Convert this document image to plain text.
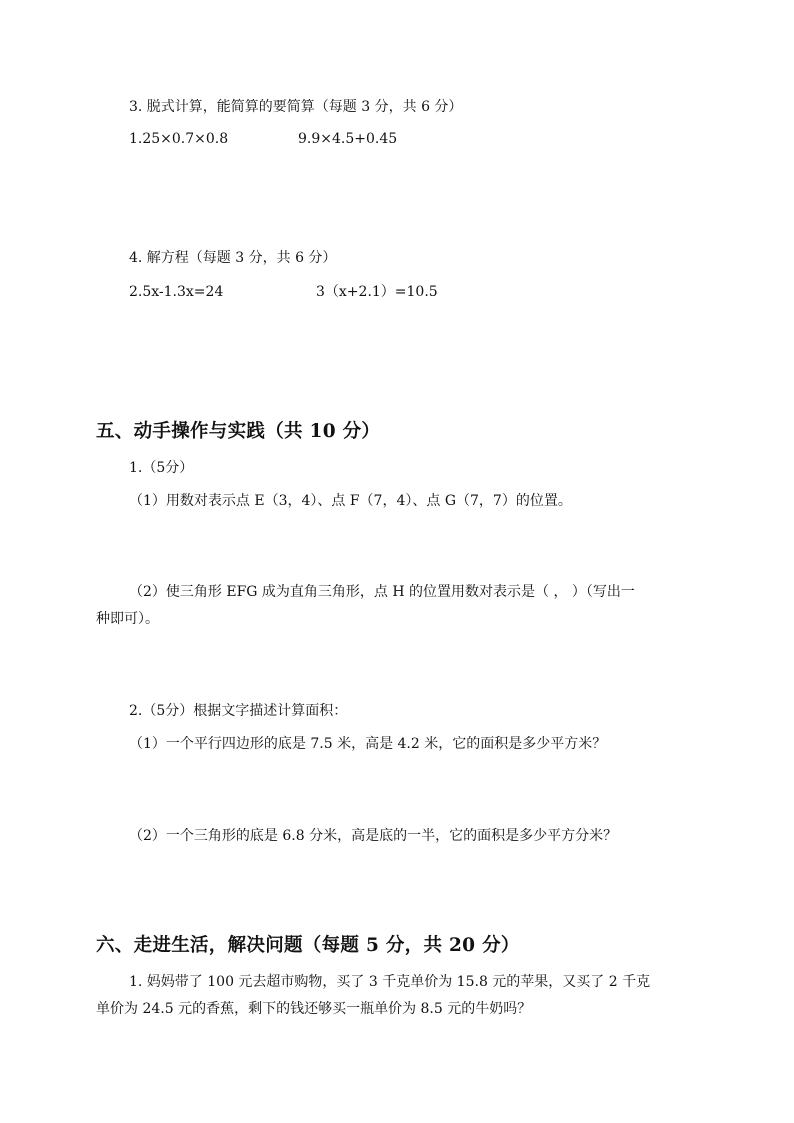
3. 脱式计算，能简算的要简算（每题 3 分，共 6 分）
1.25×0.7×0.8	9.9×4.5+0.45
4. 解方程（每题 3 分，共 6 分）
2.5x-1.3x=24	3（x+2.1）=10.5
五、动手操作与实践（共 10 分）
1.（5分）
（1）用数对表示点 E（3，4）、点 F（7，4）、点 G（7，7）的位置。
（2）使三角形 EFG 成为直角三角形，点 H 的位置用数对表示是（ ， ）（写出一
种即可）。
2.（5分）根据文字描述计算面积：
（1）一个平行四边形的底是 7.5 米，高是 4.2 米，它的面积是多少平方米？
（2）一个三角形的底是 6.8 分米，高是底的一半，它的面积是多少平方分米？
六、走进生活，解决问题（每题 5 分，共 20 分）
1. 妈妈带了 100 元去超市购物，买了 3 千克单价为 15.8 元的苹果，又买了 2 千克
单价为 24.5 元的香蕉，剩下的钱还够买一瓶单价为 8.5 元的牛奶吗？
